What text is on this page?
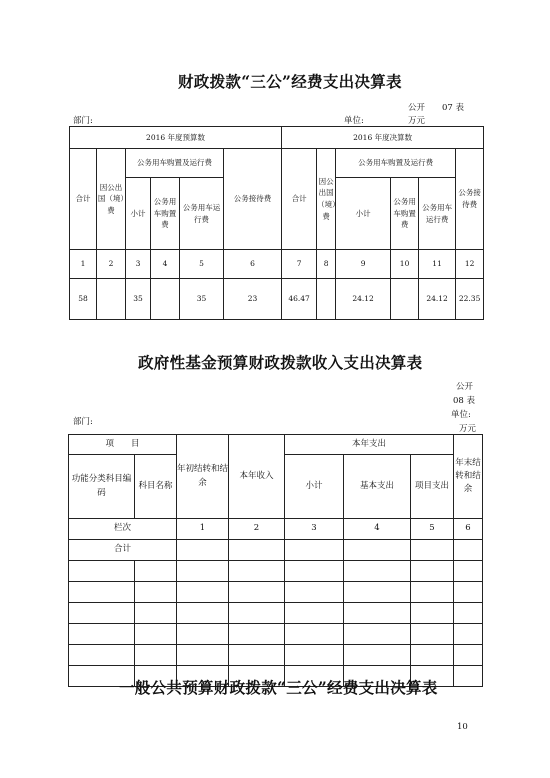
财政拨款“三公”经费支出决算表
公开　　07 表
部门:	单位:	万元
2016 年度预算数						2016 年度决算数					
合计	因公出国（境）费	公务用车购置及运行费			公务接待费	合计	因公出国（境）费	公务用车购置及运行费			公务接待费
		小计	公务用车购置费	公务用车运行费				小计	公务用车购置费	公务用车运行费	
1	2	3	4	5	6	7	8	9	10	11	12
58		35		35	23	46.47		24.12		24.12	22.35
政府性基金预算财政拨款收入支出决算表
公开
08 表
单位:
部门:
万元
项　　目		年初结转和结余	本年收入	本年支出			年末结转和结余
功能分类科目编码	科目名称			小计	基本支出	项目支出	
栏次		1	2	3	4	5	6
合计							

一般公共预算财政拨款“三公”经费支出决算表
10
